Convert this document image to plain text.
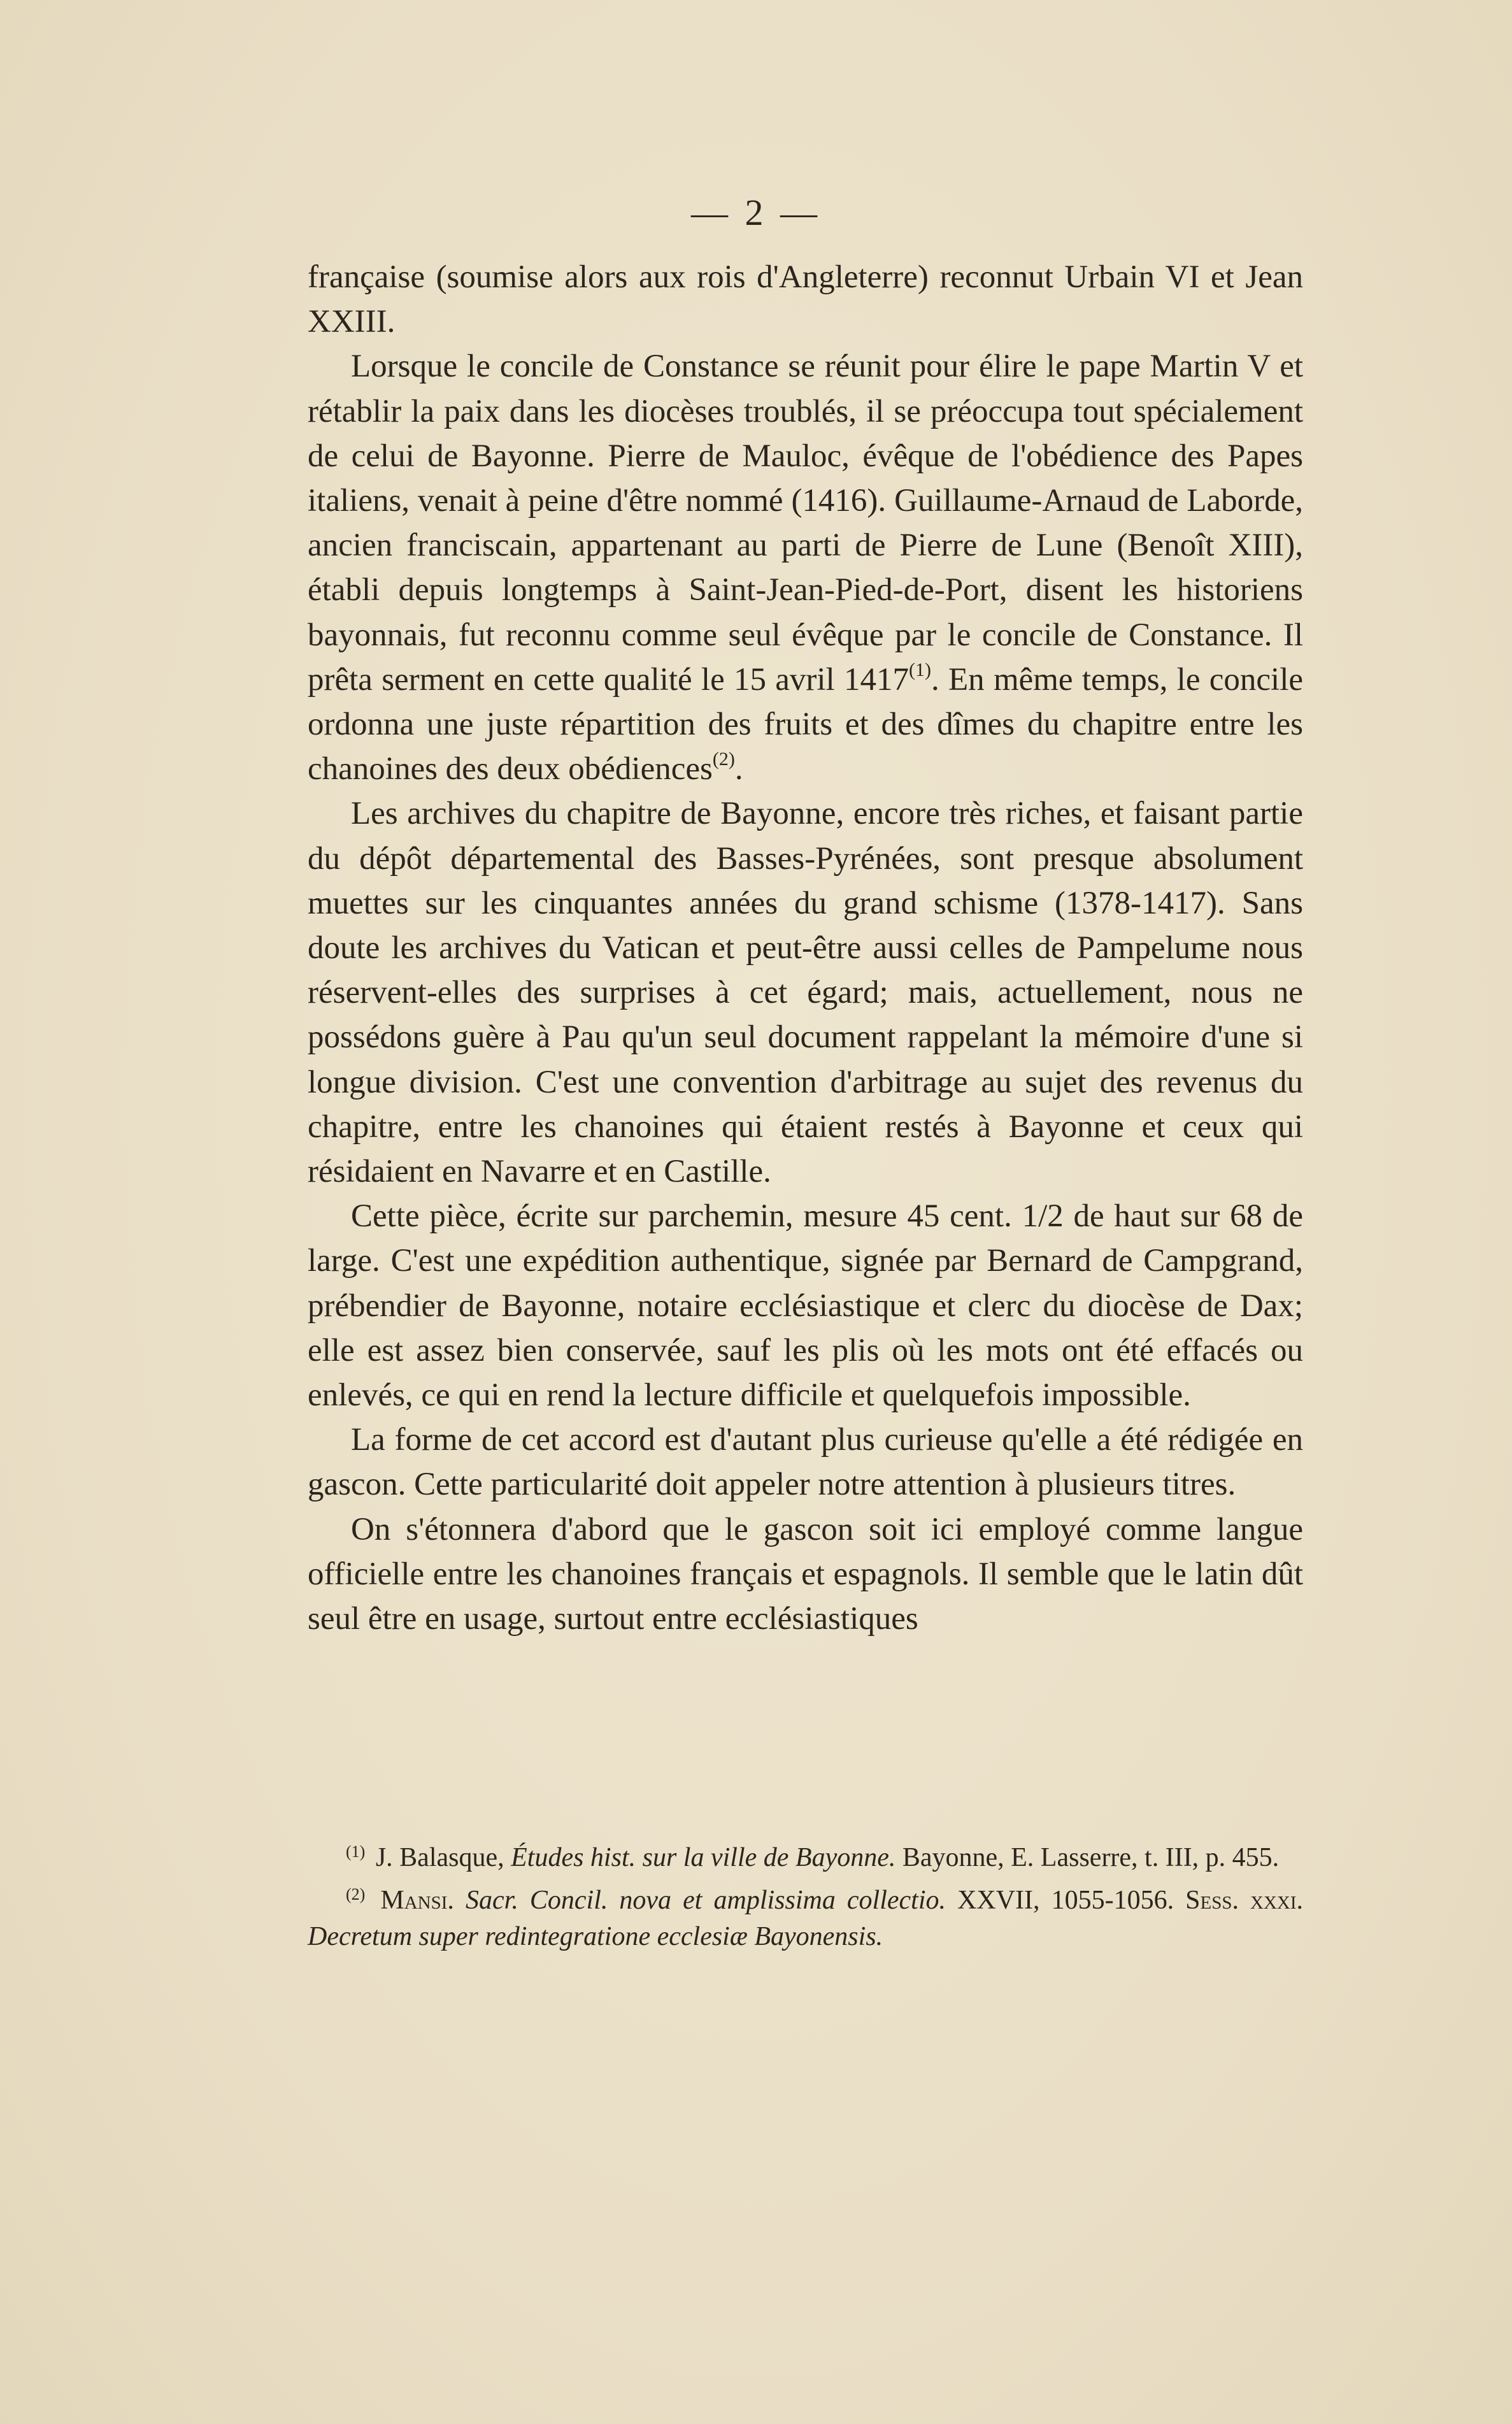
— 2 —

française (soumise alors aux rois d'Angleterre) reconnut Urbain VI et Jean XXIII.

Lorsque le concile de Constance se réunit pour élire le pape Martin V et rétablir la paix dans les diocèses troublés, il se préoccupa tout spécialement de celui de Bayonne. Pierre de Mauloc, évêque de l'obédience des Papes italiens, venait à peine d'être nommé (1416). Guillaume-Arnaud de Laborde, ancien franciscain, appartenant au parti de Pierre de Lune (Benoît XIII), établi depuis longtemps à Saint-Jean-Pied-de-Port, disent les historiens bayonnais, fut reconnu comme seul évêque par le concile de Constance. Il prêta serment en cette qualité le 15 avril 1417$^{(1)}$. En même temps, le concile ordonna une juste répartition des fruits et des dîmes du chapitre entre les chanoines des deux obédiences$^{(2)}$.

Les archives du chapitre de Bayonne, encore très riches, et faisant partie du dépôt départemental des Basses-Pyrénées, sont presque absolument muettes sur les cinquantes années du grand schisme (1378-1417). Sans doute les archives du Vatican et peut-être aussi celles de Pampelume nous réservent-elles des surprises à cet égard; mais, actuellement, nous ne possédons guère à Pau qu'un seul document rappelant la mémoire d'une si longue division. C'est une convention d'arbitrage au sujet des revenus du chapitre, entre les chanoines qui étaient restés à Bayonne et ceux qui résidaient en Navarre et en Castille.

Cette pièce, écrite sur parchemin, mesure 45 cent. 1/2 de haut sur 68 de large. C'est une expédition authentique, signée par Bernard de Campgrand, prébendier de Bayonne, notaire ecclésiastique et clerc du diocèse de Dax; elle est assez bien conservée, sauf les plis où les mots ont été effacés ou enlevés, ce qui en rend la lecture difficile et quelquefois impossible.

La forme de cet accord est d'autant plus curieuse qu'elle a été rédigée en gascon. Cette particularité doit appeler notre attention à plusieurs titres.

On s'étonnera d'abord que le gascon soit ici employé comme langue officielle entre les chanoines français et espagnols. Il semble que le latin dût seul être en usage, surtout entre ecclésiastiques

$^{(1)}$ J. Balasque, Études hist. sur la ville de Bayonne. Bayonne, E. Lasserre, t. III, p. 455.

$^{(2)}$ Mansi. Sacr. Concil. nova et amplissima collectio. XXVII, 1055-1056. Sess. xxxi. Decretum super redintegratione ecclesiæ Bayonensis.
